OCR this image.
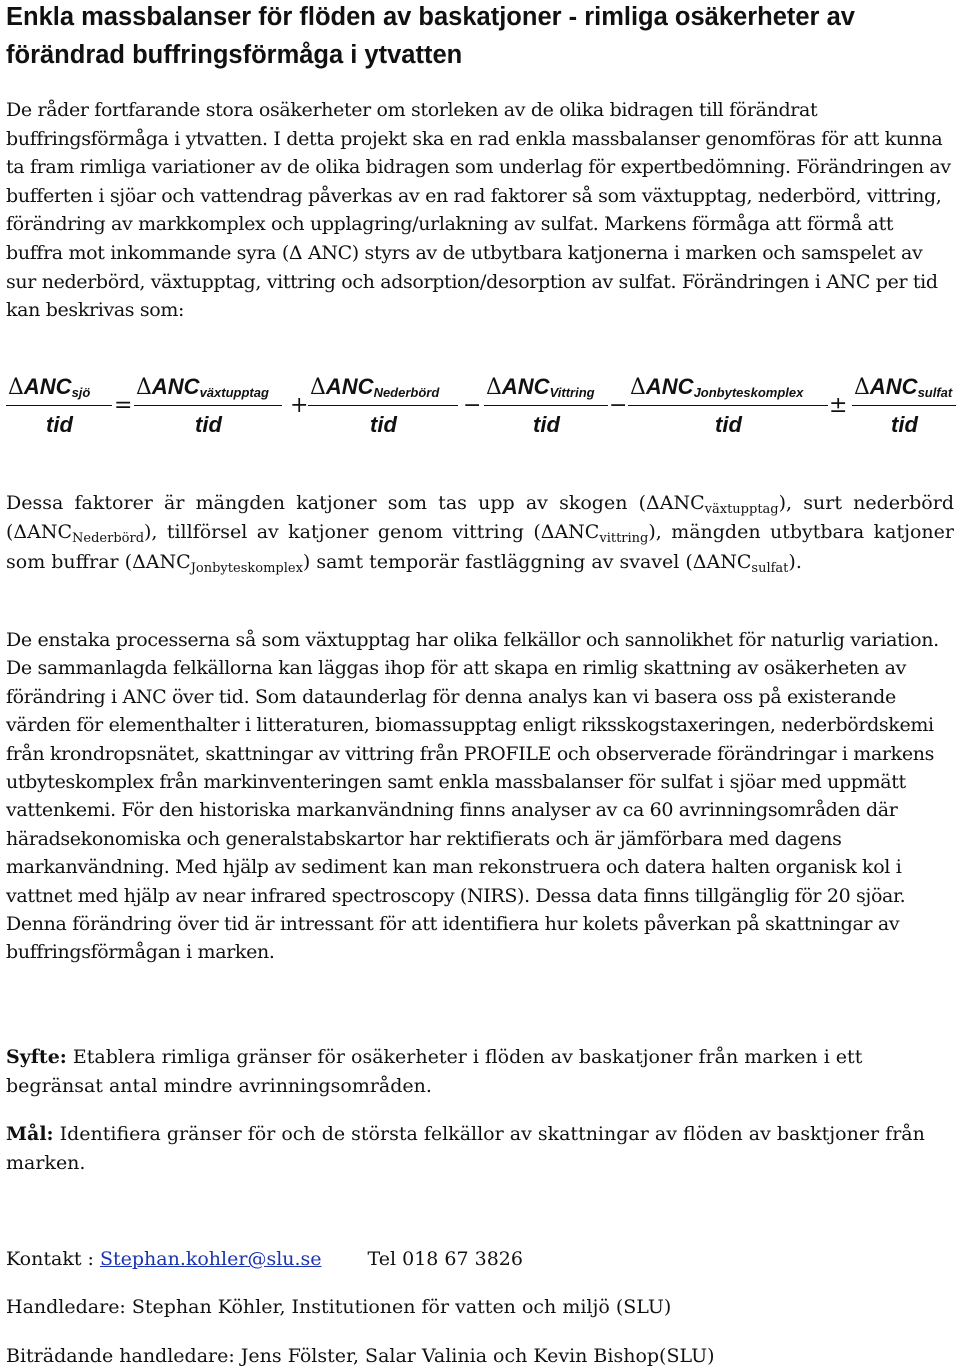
Enkla massbalanser för flöden av baskatjoner - rimliga osäkerheter av förändrad buffringsförmåga i ytvatten

De råder fortfarande stora osäkerheter om storleken av de olika bidragen till förändrat buffringsförmåga i ytvatten. I detta projekt ska en rad enkla massbalanser genomföras för att kunna ta fram rimliga variationer av de olika bidragen som underlag för expertbedömning. Förändringen av bufferten i sjöar och vattendrag påverkas av en rad faktorer så som växtupptag, nederbörd, vittring, förändring av markkomplex och upplagring/urlakning av sulfat. Markens förmåga att förmå att buffra mot inkommande syra (Δ ANC) styrs av de utbytbara katjonerna i marken och samspelet av sur nederbörd, växtupptag, vittring och adsorption/desorption av sulfat. Förändringen i ANC per tid kan beskrivas som:

$\Delta ANC_{sjö}$
tid
=
$\Delta ANC_{växtupptag}$
tid
+
$\Delta ANC_{Nederbörd}$
tid
−
$\Delta ANC_{Vittring}$
tid
−
$\Delta ANC_{Jonbyteskomplex}$
tid
±
$\Delta ANC_{sulfat}$
tid

Dessa faktorer är mängden katjoner som tas upp av skogen $(\Delta ANC_{växtupptag})$, surt nederbörd $(\Delta ANC_{Nederbörd})$, tillförsel av katjoner genom vittring $(\Delta ANC_{vittring})$, mängden utbytbara katjoner som buffrar $(\Delta ANC_{Jonbyteskomplex})$ samt temporär fastläggning av svavel $(\Delta ANC_{sulfat})$.

De enstaka processerna så som växtupptag har olika felkällor och sannolikhet för naturlig variation. De sammanlagda felkällorna kan läggas ihop för att skapa en rimlig skattning av osäkerheten av förändring i ANC över tid. Som dataunderlag för denna analys kan vi basera oss på existerande värden för elementhalter i litteraturen, biomassupptag enligt riksskogstaxeringen, nederbördskemi från krondropsnätet, skattningar av vittring från PROFILE och observerade förändringar i markens utbyteskomplex från markinventeringen samt enkla massbalanser för sulfat i sjöar med uppmätt vattenkemi. För den historiska markanvändning finns analyser av ca 60 avrinningsområden där häradsekonomiska och generalstabskartor har rektifierats och är jämförbara med dagens markanvändning. Med hjälp av sediment kan man rekonstruera och datera halten organisk kol i vattnet med hjälp av near infrared spectroscopy (NIRS). Dessa data finns tillgänglig för 20 sjöar. Denna förändring över tid är intressant för att identifiera hur kolets påverkan på skattningar av buffringsförmågan i marken.

Syfte: Etablera rimliga gränser för osäkerheter i flöden av baskatjoner från marken i ett begränsat antal mindre avrinningsområden.

Mål: Identifiera gränser för och de största felkällor av skattningar av flöden av basktjoner från marken.

Kontakt : Stephan.kohler@slu.se Tel 018 67 3826

Handledare: Stephan Köhler, Institutionen för vatten och miljö (SLU)

Biträdande handledare: Jens Fölster, Salar Valinia och Kevin Bishop(SLU)
